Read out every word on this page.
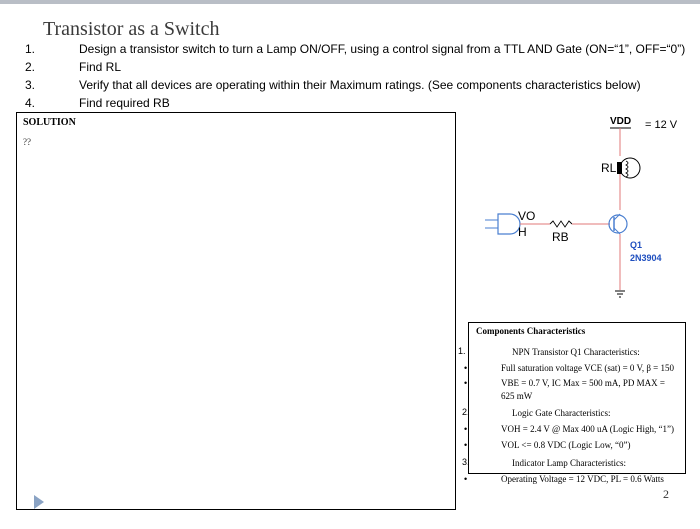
Transistor as a Switch
1.	Design a transistor switch to turn a Lamp ON/OFF, using a control signal from a TTL AND Gate (ON=“1”, OFF=“0”)
2.	Find RL
3.	Verify that all devices are operating within their Maximum ratings. (See components characteristics below)
4.	Find required RB
SOLUTION
??
VDD = 12 V
RL
VO
H RB
Q1
2N3904
Components Characteristics
1.	NPN Transistor Q1 Characteristics:
•	Full saturation voltage VCE (sat) = 0 V, β = 150
•	VBE = 0.7 V, IC Max = 500 mA, PD MAX =
625 mW
2.	Logic Gate Characteristics:
•	VOH = 2.4 V @ Max 400 uA (Logic High, “1”)
•	VOL <= 0.8 VDC (Logic Low, “0”)
3.	Indicator Lamp Characteristics:
•	Operating Voltage = 12 VDC, PL = 0.6 Watts
2
